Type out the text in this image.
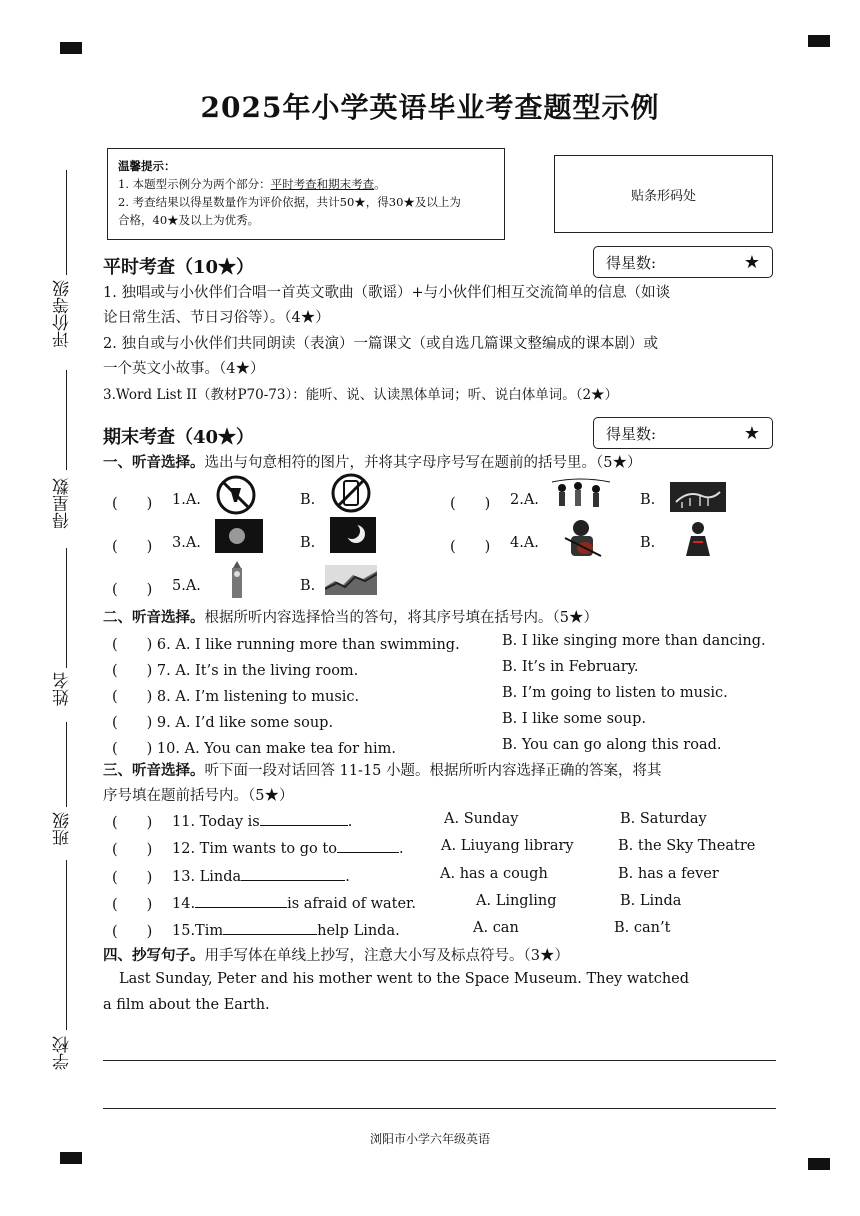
评价等级
得星数
姓名
班级
学校
2025年小学英语毕业考查题型示例
温馨提示：
1. 本题型示例分为两个部分：平时考查和期末考查。
2. 考查结果以得星数量作为评价依据，共计50★，得30★及以上为
合格，40★及以上为优秀。
贴条形码处
平时考查（10★）	得星数:	★
1. 独唱或与小伙伴们合唱一首英文歌曲（歌谣）+与小伙伴们相互交流简单的信息（如谈
论日常生活、节日习俗等）。（4★）
2. 独自或与小伙伴们共同朗读（表演）一篇课文（或自选几篇课文整编成的课本剧）或
一个英文小故事。（4★）
3.Word List II（教材P70-73）：能听、说、认读黑体单词；听、说白体单词。（2★）
期末考查（40★）	得星数:	★
一、听音选择。选出与句意相符的图片，并将其字母序号写在题前的括号里。（5★）
(　　) 1.A.	B.	(　　) 2.A.	B.
(　　) 3.A.	B.	(　　) 4.A.	B.
(　　) 5.A.	B.
二、听音选择。根据所听内容选择恰当的答句，将其序号填在括号内。（5★）
(　　) 6. A. I like running more than swimming.	B. I like singing more than dancing.
(　　) 7. A. It’s in the living room.	B. It’s in February.
(　　) 8. A. I’m listening to music.	B. I’m going to listen to music.
(　　) 9. A. I’d like some soup.	B. I like some soup.
(　　) 10. A. You can make tea for him.	B. You can go along this road.
三、听音选择。听下面一段对话回答 11-15 小题。根据所听内容选择正确的答案，将其
序号填在题前括号内。（5★）
(　　) 11. Today is	.	A. Sunday	B. Saturday
(　　) 12. Tim wants to go to	.	A. Liuyang library	B. the Sky Theatre
(　　) 13. Linda	.	A. has a cough	B. has a fever
(　　) 14.	is afraid of water.	A. Lingling	B. Linda
(　　) 15.Tim	help Linda.	A. can	B. can’t
四、抄写句子。用手写体在单线上抄写，注意大小写及标点符号。（3★）
Last Sunday, Peter and his mother went to the Space Museum. They watched
a film about the Earth.
浏阳市小学六年级英语
